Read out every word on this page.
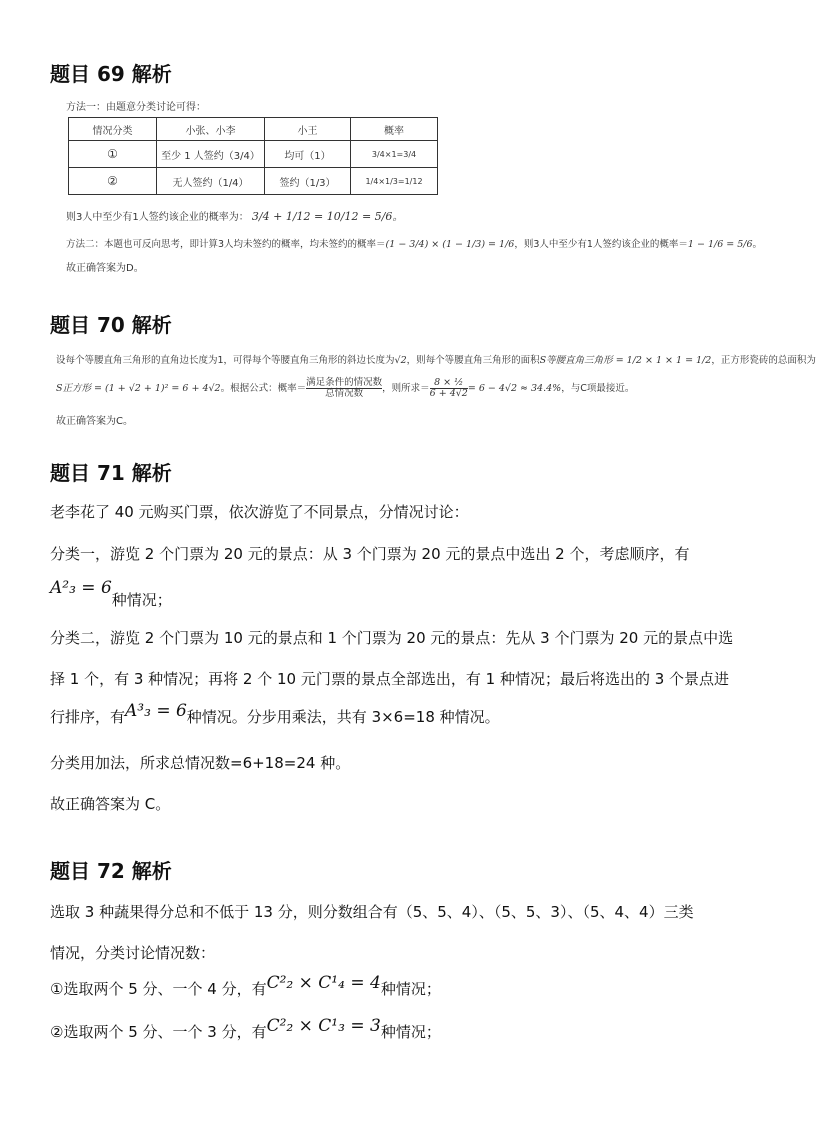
题目 69 解析
方法一：由题意分类讨论可得：
情况分类	小张、小李	小王	概率
①	至少 1 人签约（3/4）	均可（1）	3/4×1=3/4
②	无人签约（1/4）	签约（1/3）	1/4×1/3=1/12
则3人中至少有1人签约该企业的概率为： 3/4 + 1/12 = 10/12 = 5/6。
方法二：本题也可反向思考，即计算3人均未签约的概率，均未签约的概率＝(1 − 3/4) × (1 − 1/3) = 1/6，则3人中至少有1人签约该企业的概率＝1 − 1/6 = 5/6。
故正确答案为D。
题目 70 解析
设每个等腰直角三角形的直角边长度为1，可得每个等腰直角三角形的斜边长度为√2，则每个等腰直角三角形的面积S等腰直角三角形 = 1/2 × 1 × 1 = 1/2，正方形瓷砖的总面积为
S正方形 = (1 + √2 + 1)² = 6 + 4√2。根据公式：概率＝ $\frac{\text{满足条件的情况数}}{\text{总情况数}}$ ，则所求＝ $\frac{\text{8 × ½}}{6 + 4√2} = 6 - 4√2 \approx 34.4\%$，与C项最接近。
故正确答案为C。
题目 71 解析
老李花了 40 元购买门票，依次游览了不同景点，分情况讨论：
分类一，游览 2 个门票为 20 元的景点：从 3 个门票为 20 元的景点中选出 2 个，考虑顺序，有
A²₃ = 6种情况；
分类二，游览 2 个门票为 10 元的景点和 1 个门票为 20 元的景点：先从 3 个门票为 20 元的景点中选
择 1 个，有 3 种情况；再将 2 个 10 元门票的景点全部选出，有 1 种情况；最后将选出的 3 个景点进
行排序，有A³₃ = 6种情况。分步用乘法，共有 3×6=18 种情况。
分类用加法，所求总情况数=6+18=24 种。
故正确答案为 C。
题目 72 解析
选取 3 种蔬果得分总和不低于 13 分，则分数组合有（5、5、4）、（5、5、3）、（5、4、4）三类
情况，分类讨论情况数：
①选取两个 5 分、一个 4 分，有C²₂ × C¹₄ = 4种情况；
②选取两个 5 分、一个 3 分，有C²₂ × C¹₃ = 3种情况；
